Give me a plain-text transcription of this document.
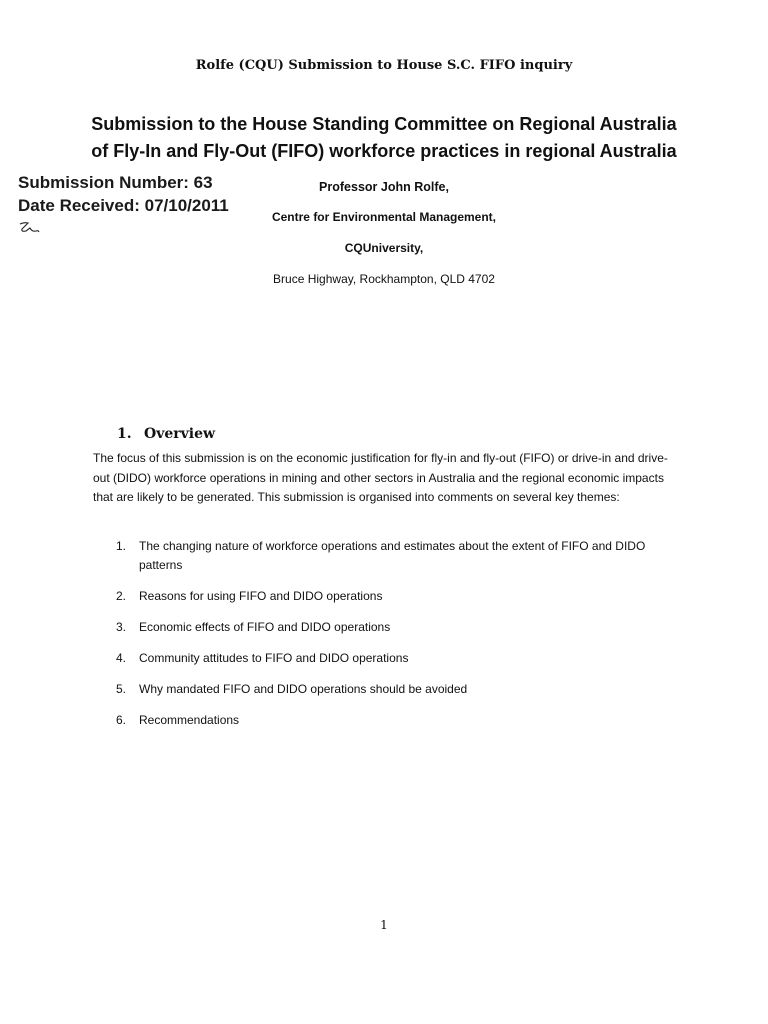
Rolfe (CQU) Submission to House S.C. FIFO inquiry
Submission to the House Standing Committee on Regional Australia
of Fly-In and Fly-Out (FIFO) workforce practices in regional Australia
Professor John Rolfe,
Centre for Environmental Management,
CQUniversity,
Bruce Highway, Rockhampton, QLD 4702
Submission Number: 63
Date Received: 07/10/2011
1. Overview
The focus of this submission is on the economic justification for fly-in and fly-out (FIFO) or drive-in and drive-out (DIDO) workforce operations in mining and other sectors in Australia and the regional economic impacts that are likely to be generated. This submission is organised into comments on several key themes:
1. The changing nature of workforce operations and estimates about the extent of FIFO and DIDO patterns
2. Reasons for using FIFO and DIDO operations
3. Economic effects of FIFO and DIDO operations
4. Community attitudes to FIFO and DIDO operations
5. Why mandated FIFO and DIDO operations should be avoided
6. Recommendations
1
